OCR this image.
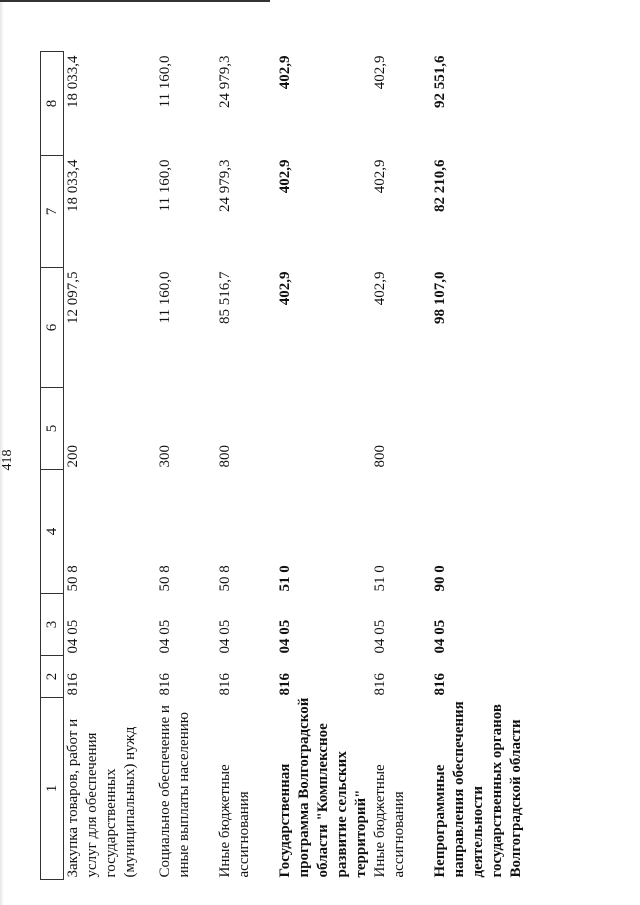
418
1	2	3	4	5	6	7	8
Закупка товаров, работ и услуг для обеспечения государственных (муниципальных) нужд	816	04 05	50 8	200	12 097,5	18 033,4	18 033,4
Социальное обеспечение и иные выплаты населению	816	04 05	50 8	300	11 160,0	11 160,0	11 160,0
Иные бюджетные ассигнования	816	04 05	50 8	800	85 516,7	24 979,3	24 979,3
Государственная программа Волгоградской области "Комплексное развитие сельских территорий"	816	04 05	51 0		402,9	402,9	402,9
Иные бюджетные ассигнования	816	04 05	51 0	800	402,9	402,9	402,9
Непрограммные направления обеспечения деятельности государственных органов Волгоградской области	816	04 05	90 0		98 107,0	82 210,6	92 551,6
